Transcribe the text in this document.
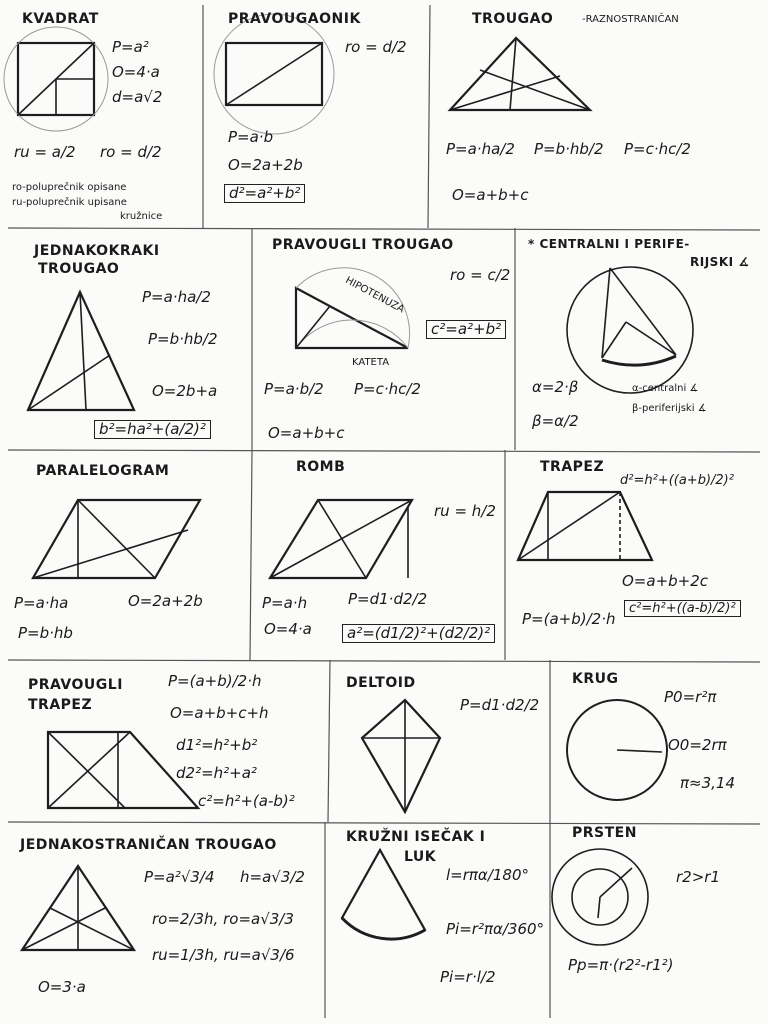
KVADRAT
P=a²
O=4·a
d=a√2
ru = a/2 ro = d/2
ro-poluprečnik opisane
ru-poluprečnik upisane
kružnice
PRAVOUGAONIK
ro = d/2
P=a·b
O=2a+2b
d²=a²+b²
TROUGAO	-RAZNOSTRANIČAN
P=a·ha/2 P=b·hb/2 P=c·hc/2
O=a+b+c
JEDNAKOKRAKI
TROUGAO
P=a·ha/2
P=b·hb/2
O=2b+a
b²=ha²+(a/2)²
PRAVOUGLI TROUGAO
HIPOTENUZA
KATETA
ro = c/2
c²=a²+b²
P=a·b/2 P=c·hc/2
O=a+b+c
* CENTRALNI I PERIFE-
RIJSKI ∡
α=2·β
β=α/2
α-centralni ∡
β-periferijski ∡
PARALELOGRAM
P=a·ha	O=2a+2b
P=b·hb
ROMB
ru = h/2
P=a·h	P=d1·d2/2
O=4·a	a²=(d1/2)²+(d2/2)²
TRAPEZ
d²=h²+((a+b)/2)²
O=a+b+2c
P=(a+b)/2·h
c²=h²+((a-b)/2)²
PRAVOUGLI
TRAPEZ
P=(a+b)/2·h
O=a+b+c+h
d1²=h²+b²
d2²=h²+a²
c²=h²+(a-b)²
DELTOID
P=d1·d2/2
KRUG
P0=r²π
O0=2rπ
π≈3,14
JEDNAKOSTRANIČAN TROUGAO
P=a²√3/4 h=a√3/2
ro=2/3h, ro=a√3/3
ru=1/3h, ru=a√3/6
O=3·a
KRUŽNI ISEČAK I
LUK
l=rπα/180°
Pi=r²πα/360°
Pi=r·l/2
PRSTEN
r2>r1
Pp=π·(r2²-r1²)
